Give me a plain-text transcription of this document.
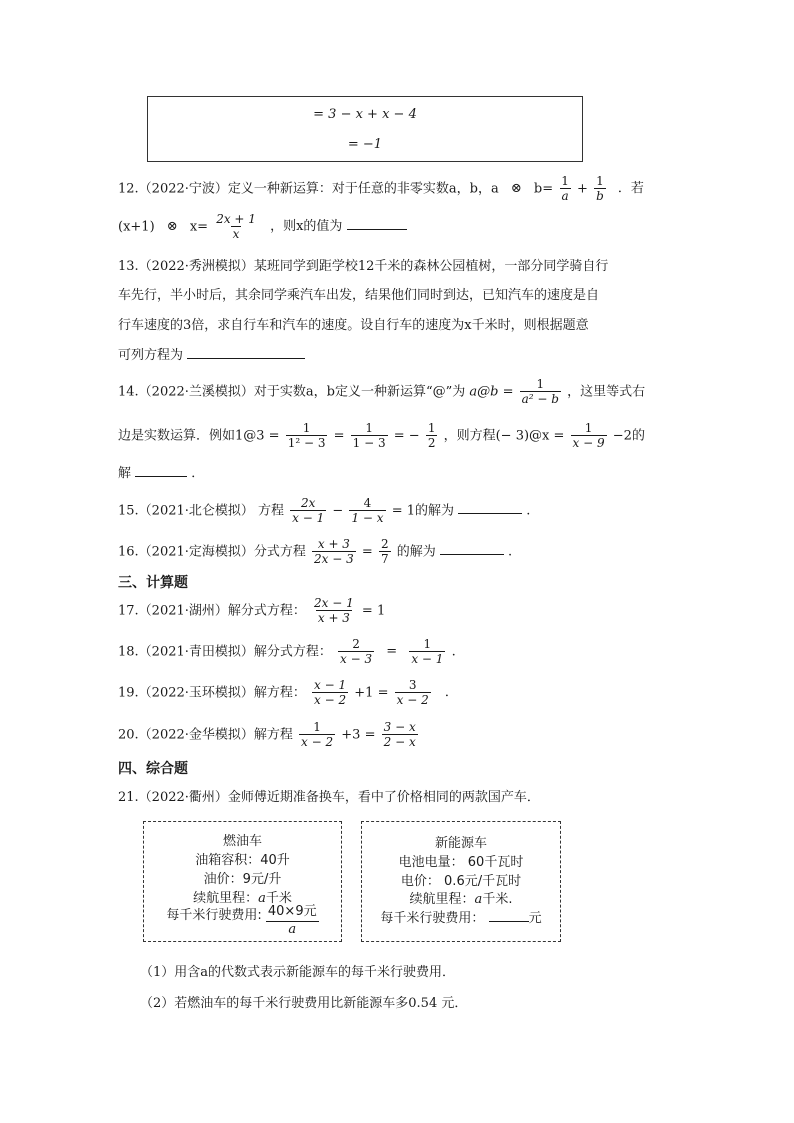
= 3 − x + x − 4
= −1
12.（2022·宁波）定义一种新运算：对于任意的非零实数a，b，a ⊗ $b= \frac{1}{a} + \frac{1}{b}$ ．若
(x+1) ⊗ $x= \frac{2x + 1}{x}$ ，则x的值为
13.（2022·秀洲模拟）某班同学到距学校12千米的森林公园植树，一部分同学骑自行
车先行，半小时后，其余同学乘汽车出发，结果他们同时到达，已知汽车的速度是自
行车速度的3倍，求自行车和汽车的速度。设自行车的速度为x千米时，则根据题意
可列方程为
14.（2022·兰溪模拟）对于实数a，b定义一种新运算“@”为 a@b = $\frac{1}{\text{a² − b}}$ ，这里等式右
边是实数运算．例如1@3 = $\frac{1}{\text{1² − 3}} = \frac{1}{1 - 3}$ = − $\frac{1}{2}$ ，则方程(− 3)@x = $\frac{1}{x - 9} -2$的
解	．
15.（2021·北仑模拟） 方程 $\frac{2x}{x - 1} - \frac{4}{1 - x} = 1$的解为	.
16.（2021·定海模拟）分式方程 $\frac{x + 3}{2x - 3} = \frac{2}{7}$ 的解为	.
三、计算题
17.（2021·湖州）解分式方程： $\frac{2x - 1}{x + 3} = 1$
18.（2021·青田模拟）解分式方程： $\frac{2}{x - 3} = \frac{1}{x - 1}$ .
19.（2022·玉环模拟）解方程： $\frac{x - 1}{x - 2} +1 = \frac{3}{x - 2}$ ．
20.（2022·金华模拟）解方程 $\frac{1}{x - 2} +3 = \frac{3 - x}{2 - x}$
四、综合题
21.（2022·衢州）金师傅近期准备换车，看中了价格相同的两款国产车．
燃油车
油箱容积：40升
油价：9元/升
续航里程：a千米
每千米行驶费用: 40×9元
a
新能源车
电池电量： 60千瓦时
电价： 0.6元/千瓦时
续航里程：a千米.
每千米行驶费用：	元
（1）用含a的代数式表示新能源车的每千米行驶费用．
（2）若燃油车的每千米行驶费用比新能源车多0.54 元．
